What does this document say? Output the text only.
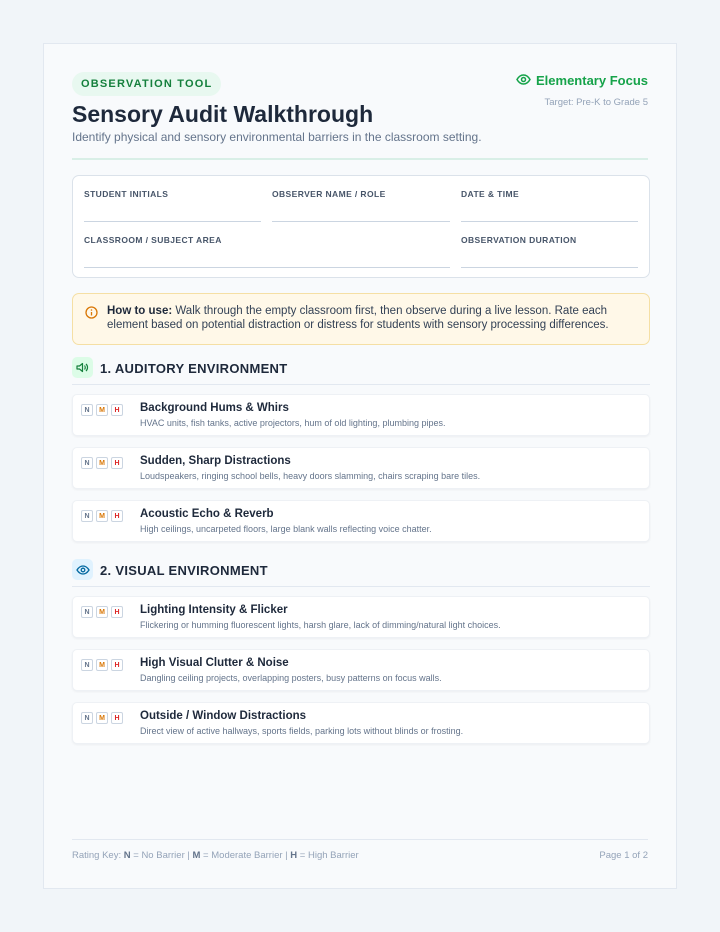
OBSERVATION TOOL	Elementary Focus
Target: Pre-K to Grade 5
Sensory Audit Walkthrough
Identify physical and sensory environmental barriers in the classroom setting.
STUDENT INITIALS	OBSERVER NAME / ROLE	DATE & TIME
CLASSROOM / SUBJECT AREA	OBSERVATION DURATION
How to use: Walk through the empty classroom first, then observe during a live lesson. Rate each element based on potential distraction or distress for students with sensory processing differences.
1. AUDITORY ENVIRONMENT
N	M	H	Background Hums & Whirs
HVAC units, fish tanks, active projectors, hum of old lighting, plumbing pipes.
N	M	H	Sudden, Sharp Distractions
Loudspeakers, ringing school bells, heavy doors slamming, chairs scraping bare tiles.
N	M	H	Acoustic Echo & Reverb
High ceilings, uncarpeted floors, large blank walls reflecting voice chatter.
2. VISUAL ENVIRONMENT
N	M	H	Lighting Intensity & Flicker
Flickering or humming fluorescent lights, harsh glare, lack of dimming/natural light choices.
N	M	H	High Visual Clutter & Noise
Dangling ceiling projects, overlapping posters, busy patterns on focus walls.
N	M	H	Outside / Window Distractions
Direct view of active hallways, sports fields, parking lots without blinds or frosting.
Rating Key: N = No Barrier | M = Moderate Barrier | H = High Barrier	Page 1 of 2
